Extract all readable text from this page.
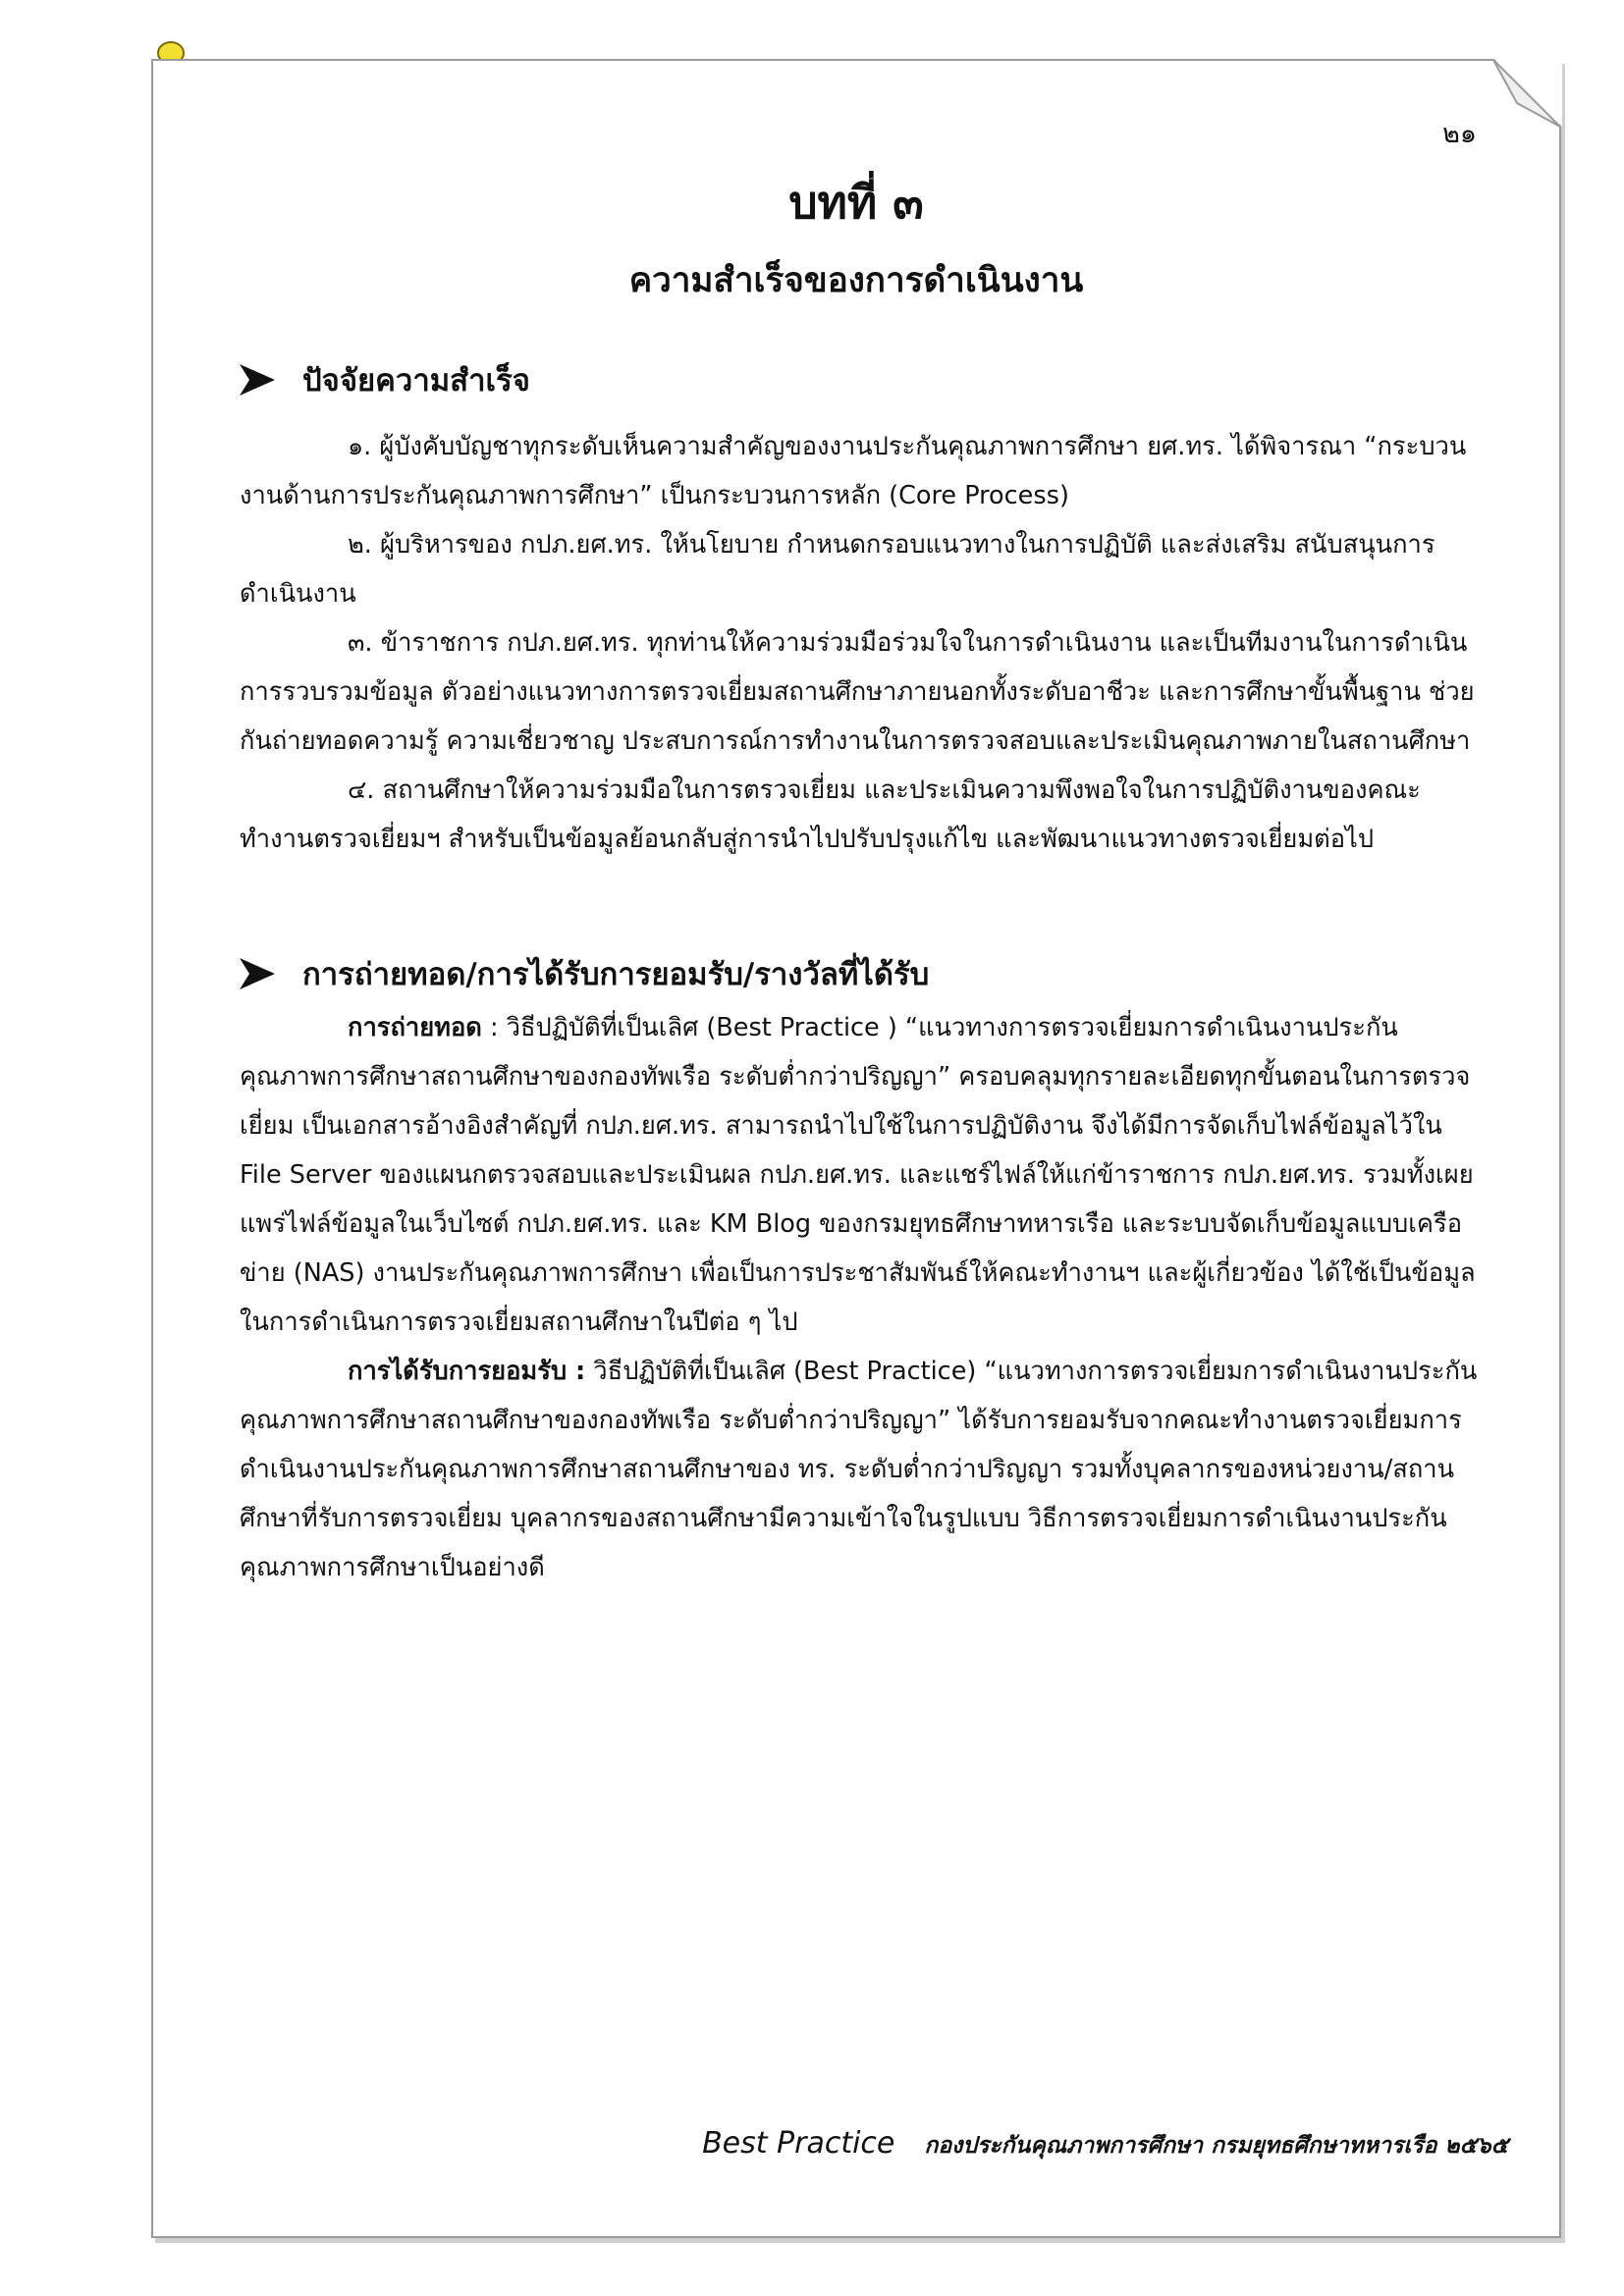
๒๑
บทที่ ๓
ความสำเร็จของการดำเนินงาน
ปัจจัยความสำเร็จ

๑. ผู้บังคับบัญชาทุกระดับเห็นความสำคัญของงานประกันคุณภาพการศึกษา ยศ.ทร. ได้พิจารณา “กระบวนงานด้านการประกันคุณภาพการศึกษา” เป็นกระบวนการหลัก (Core Process)

๒. ผู้บริหารของ กปภ.ยศ.ทร. ให้นโยบาย กำหนดกรอบแนวทางในการปฏิบัติ และส่งเสริม สนับสนุนการดำเนินงาน

๓. ข้าราชการ กปภ.ยศ.ทร. ทุกท่านให้ความร่วมมือร่วมใจในการดำเนินงาน และเป็นทีมงานในการดำเนินการรวบรวมข้อมูล ตัวอย่างแนวทางการตรวจเยี่ยมสถานศึกษาภายนอกทั้งระดับอาชีวะ และการศึกษาขั้นพื้นฐาน ช่วยกันถ่ายทอดความรู้ ความเชี่ยวชาญ ประสบการณ์การทำงานในการตรวจสอบและประเมินคุณภาพภายในสถานศึกษา

๔. สถานศึกษาให้ความร่วมมือในการตรวจเยี่ยม และประเมินความพึงพอใจในการปฏิบัติงานของคณะทำงานตรวจเยี่ยมฯ สำหรับเป็นข้อมูลย้อนกลับสู่การนำไปปรับปรุงแก้ไข และพัฒนาแนวทางตรวจเยี่ยมต่อไป

การถ่ายทอด/การได้รับการยอมรับ/รางวัลที่ได้รับ

การถ่ายทอด : วิธีปฏิบัติที่เป็นเลิศ (Best Practice ) “แนวทางการตรวจเยี่ยมการดำเนินงานประกันคุณภาพการศึกษาสถานศึกษาของกองทัพเรือ ระดับต่ำกว่าปริญญา” ครอบคลุมทุกรายละเอียดทุกขั้นตอนในการตรวจเยี่ยม เป็นเอกสารอ้างอิงสำคัญที่ กปภ.ยศ.ทร. สามารถนำไปใช้ในการปฏิบัติงาน จึงได้มีการจัดเก็บไฟล์ข้อมูลไว้ใน File Server ของแผนกตรวจสอบและประเมินผล กปภ.ยศ.ทร. และแชร์ไฟล์ให้แก่ข้าราชการ กปภ.ยศ.ทร. รวมทั้งเผยแพร่ไฟล์ข้อมูลในเว็บไซต์ กปภ.ยศ.ทร. และ KM Blog ของกรมยุทธศึกษาทหารเรือ และระบบจัดเก็บข้อมูลแบบเครือข่าย (NAS) งานประกันคุณภาพการศึกษา เพื่อเป็นการประชาสัมพันธ์ให้คณะทำงานฯ และผู้เกี่ยวข้อง ได้ใช้เป็นข้อมูลในการดำเนินการตรวจเยี่ยมสถานศึกษาในปีต่อ ๆ ไป

การได้รับการยอมรับ : วิธีปฏิบัติที่เป็นเลิศ (Best Practice) “แนวทางการตรวจเยี่ยมการดำเนินงานประกันคุณภาพการศึกษาสถานศึกษาของกองทัพเรือ ระดับต่ำกว่าปริญญา” ได้รับการยอมรับจากคณะทำงานตรวจเยี่ยมการดำเนินงานประกันคุณภาพการศึกษาสถานศึกษาของ ทร. ระดับต่ำกว่าปริญญา รวมทั้งบุคลากรของหน่วยงาน/สถานศึกษาที่รับการตรวจเยี่ยม บุคลากรของสถานศึกษามีความเข้าใจในรูปแบบ วิธีการตรวจเยี่ยมการดำเนินงานประกันคุณภาพการศึกษาเป็นอย่างดี

Best Practice กองประกันคุณภาพการศึกษา กรมยุทธศึกษาทหารเรือ ๒๕๖๕
